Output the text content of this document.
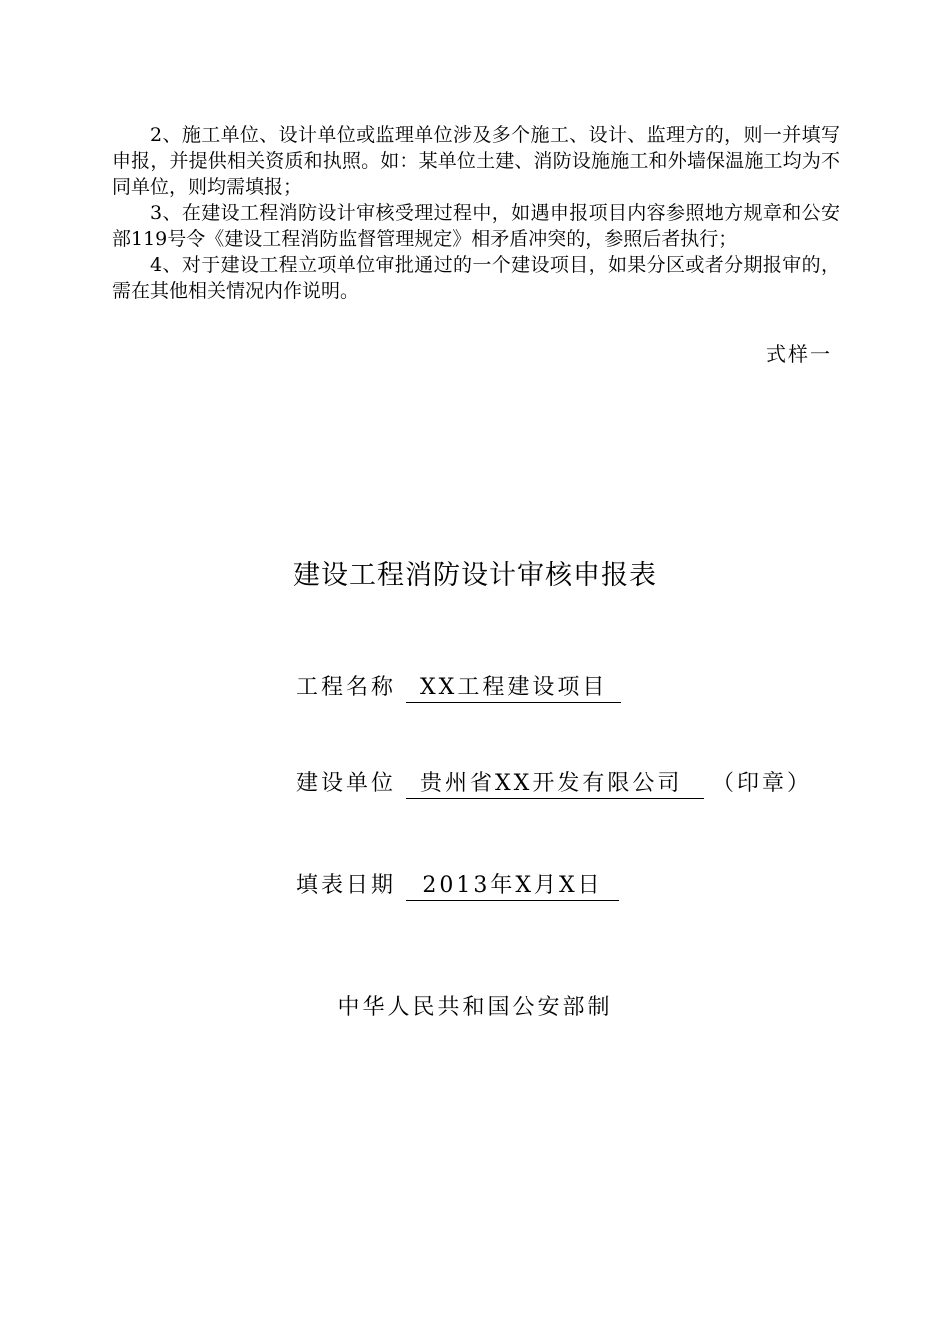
2、施工单位、设计单位或监理单位涉及多个施工、设计、监理方的，则一并填写申报，并提供相关资质和执照。如：某单位土建、消防设施施工和外墙保温施工均为不同单位，则均需填报；

3、在建设工程消防设计审核受理过程中，如遇申报项目内容参照地方规章和公安部119号令《建设工程消防监督管理规定》相矛盾冲突的，参照后者执行；

4、对于建设工程立项单位审批通过的一个建设项目，如果分区或者分期报审的，需在其他相关情况内作说明。

式样一
建设工程消防设计审核申报表
工程名称	XX工程建设项目
建设单位	贵州省XX开发有限公司	（印章）
填表日期	2013年X月X日
中华人民共和国公安部制
